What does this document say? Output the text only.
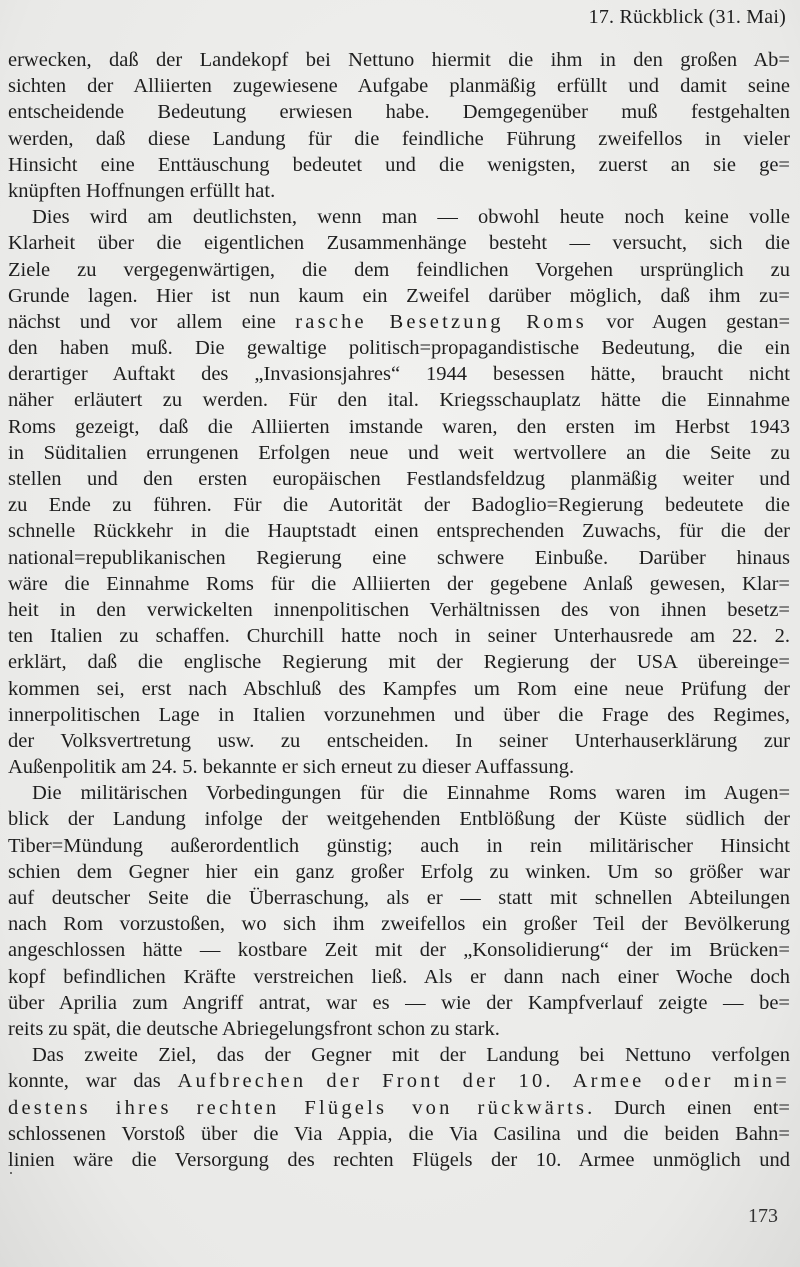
17. Rückblick (31. Mai)
erwecken, daß der Landekopf bei Nettuno hiermit die ihm in den großen Ab=
sichten der Alliierten zugewiesene Aufgabe planmäßig erfüllt und damit seine
entscheidende Bedeutung erwiesen habe. Demgegenüber muß festgehalten
werden, daß diese Landung für die feindliche Führung zweifellos in vieler
Hinsicht eine Enttäuschung bedeutet und die wenigsten, zuerst an sie ge=
knüpften Hoffnungen erfüllt hat.
Dies wird am deutlichsten, wenn man — obwohl heute noch keine volle
Klarheit über die eigentlichen Zusammenhänge besteht — versucht, sich die
Ziele zu vergegenwärtigen, die dem feindlichen Vorgehen ursprünglich zu
Grunde lagen. Hier ist nun kaum ein Zweifel darüber möglich, daß ihm zu=
nächst und vor allem eine rasche Besetzung Roms vor Augen gestan=
den haben muß. Die gewaltige politisch=propagandistische Bedeutung, die ein
derartiger Auftakt des „Invasionsjahres“ 1944 besessen hätte, braucht nicht
näher erläutert zu werden. Für den ital. Kriegsschauplatz hätte die Einnahme
Roms gezeigt, daß die Alliierten imstande waren, den ersten im Herbst 1943
in Süditalien errungenen Erfolgen neue und weit wertvollere an die Seite zu
stellen und den ersten europäischen Festlandsfeldzug planmäßig weiter und
zu Ende zu führen. Für die Autorität der Badoglio=Regierung bedeutete die
schnelle Rückkehr in die Hauptstadt einen entsprechenden Zuwachs, für die der
national=republikanischen Regierung eine schwere Einbuße. Darüber hinaus
wäre die Einnahme Roms für die Alliierten der gegebene Anlaß gewesen, Klar=
heit in den verwickelten innenpolitischen Verhältnissen des von ihnen besetz=
ten Italien zu schaffen. Churchill hatte noch in seiner Unterhausrede am 22. 2.
erklärt, daß die englische Regierung mit der Regierung der USA übereinge=
kommen sei, erst nach Abschluß des Kampfes um Rom eine neue Prüfung der
innerpolitischen Lage in Italien vorzunehmen und über die Frage des Regimes,
der Volksvertretung usw. zu entscheiden. In seiner Unterhauserklärung zur
Außenpolitik am 24. 5. bekannte er sich erneut zu dieser Auffassung.
Die militärischen Vorbedingungen für die Einnahme Roms waren im Augen=
blick der Landung infolge der weitgehenden Entblößung der Küste südlich der
Tiber=Mündung außerordentlich günstig; auch in rein militärischer Hinsicht
schien dem Gegner hier ein ganz großer Erfolg zu winken. Um so größer war
auf deutscher Seite die Überraschung, als er — statt mit schnellen Abteilungen
nach Rom vorzustoßen, wo sich ihm zweifellos ein großer Teil der Bevölkerung
angeschlossen hätte — kostbare Zeit mit der „Konsolidierung“ der im Brücken=
kopf befindlichen Kräfte verstreichen ließ. Als er dann nach einer Woche doch
über Aprilia zum Angriff antrat, war es — wie der Kampfverlauf zeigte — be=
reits zu spät, die deutsche Abriegelungsfront schon zu stark.
Das zweite Ziel, das der Gegner mit der Landung bei Nettuno verfolgen
konnte, war das Aufbrechen der Front der 10. Armee oder min=
destens ihres rechten Flügels von rückwärts. Durch einen ent=
schlossenen Vorstoß über die Via Appia, die Via Casilina und die beiden Bahn=
linien wäre die Versorgung des rechten Flügels der 10. Armee unmöglich und
173
